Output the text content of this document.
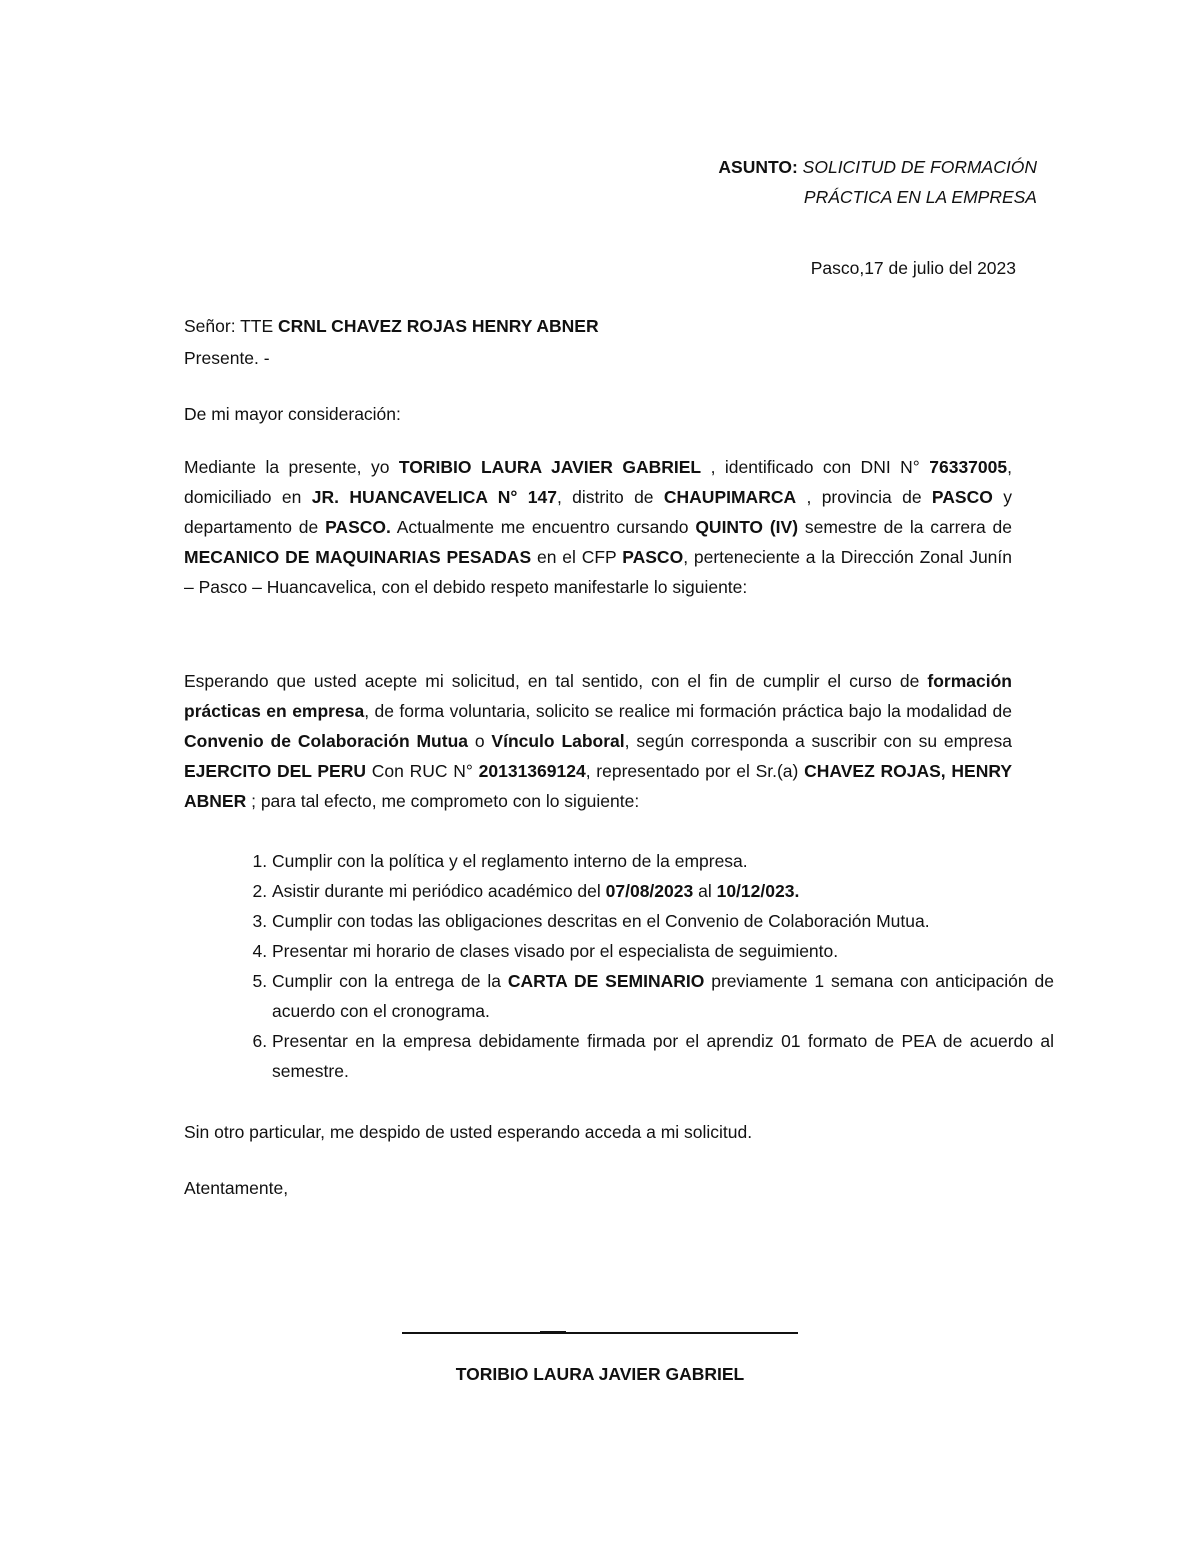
ASUNTO: SOLICITUD DE FORMACIÓN
PRÁCTICA EN LA EMPRESA
Pasco,17 de julio del 2023
Señor: TTE CRNL CHAVEZ ROJAS HENRY ABNER
Presente. -
De mi mayor consideración:
Mediante la presente, yo TORIBIO LAURA JAVIER GABRIEL , identificado con DNI N° 76337005, domiciliado en JR. HUANCAVELICA N° 147, distrito de CHAUPIMARCA , provincia de PASCO y departamento de PASCO. Actualmente me encuentro cursando QUINTO (IV) semestre de la carrera de MECANICO DE MAQUINARIAS PESADAS en el CFP PASCO, perteneciente a la Dirección Zonal Junín – Pasco – Huancavelica, con el debido respeto manifestarle lo siguiente:
Esperando que usted acepte mi solicitud, en tal sentido, con el fin de cumplir el curso de formación prácticas en empresa, de forma voluntaria, solicito se realice mi formación práctica bajo la modalidad de Convenio de Colaboración Mutua o Vínculo Laboral, según corresponda a suscribir con su empresa EJERCITO DEL PERU Con RUC N° 20131369124, representado por el Sr.(a) CHAVEZ ROJAS, HENRY ABNER ; para tal efecto, me comprometo con lo siguiente:
1. Cumplir con la política y el reglamento interno de la empresa.
2. Asistir durante mi periódico académico del 07/08/2023 al 10/12/023.
3. Cumplir con todas las obligaciones descritas en el Convenio de Colaboración Mutua.
4. Presentar mi horario de clases visado por el especialista de seguimiento.
5. Cumplir con la entrega de la CARTA DE SEMINARIO previamente 1 semana con anticipación de acuerdo con el cronograma.
6. Presentar en la empresa debidamente firmada por el aprendiz 01 formato de PEA de acuerdo al semestre.
Sin otro particular, me despido de usted esperando acceda a mi solicitud.
Atentamente,
TORIBIO LAURA JAVIER GABRIEL
